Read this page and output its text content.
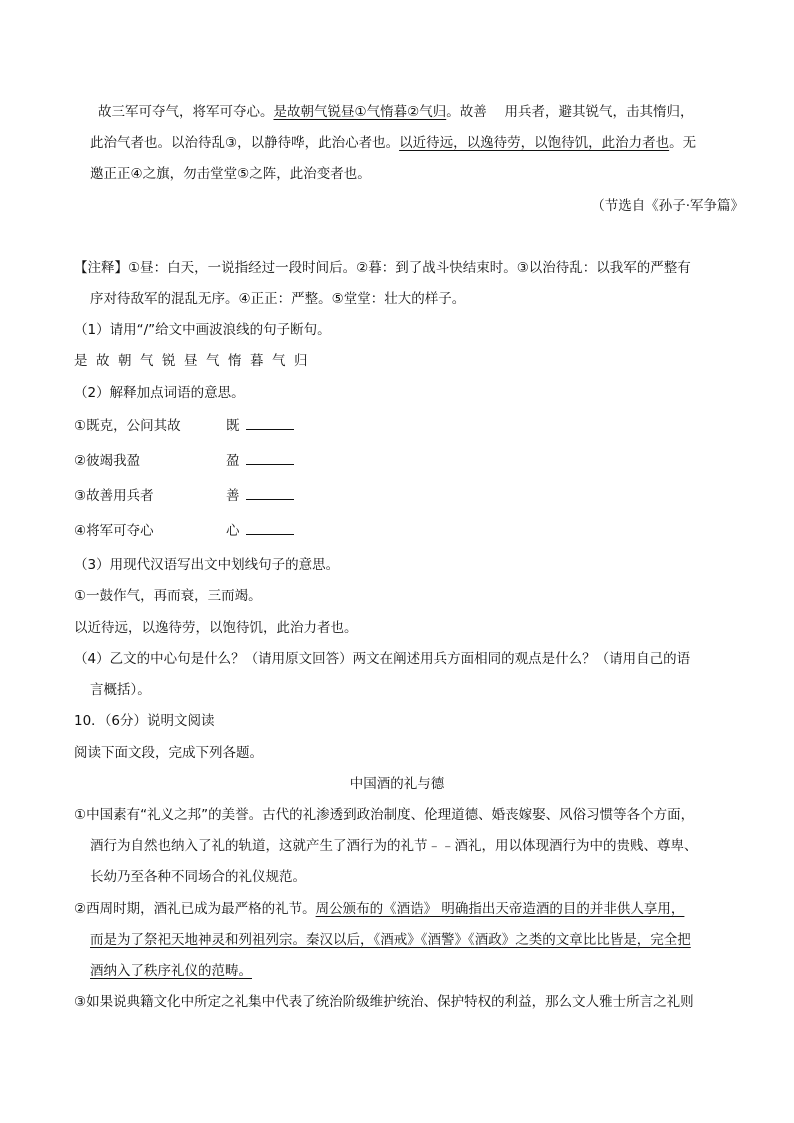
故三军可夺气，将军可夺心。是故朝气锐昼①气惰暮②气归。故善　 用兵者，避其锐气，击其惰归，
此治气者也。以治待乱③，以静待哗，此治心者也。以近待远，以逸待劳，以饱待饥，此治力者也。无
邀正正④之旗，勿击堂堂⑤之阵，此治变者也。
（节选自《孙子·军争篇》
【注释】①昼：白天，一说指经过一段时间后。②暮：到了战斗快结束时。③以治待乱：以我军的严整有
序对待敌军的混乱无序。④正正：严整。⑤堂堂：壮大的样子。
（1）请用“/”给文中画波浪线的句子断句。
是故朝气锐昼气惰暮气归
（2）解释加点词语的意思。
①既克，公问其故	既
②彼竭我盈	盈
③故善用兵者	善
④将军可夺心	心
（3）用现代汉语写出文中划线句子的意思。
①一鼓作气，再而衰，三而竭。
以近待远，以逸待劳，以饱待饥，此治力者也。
（4）乙文的中心句是什么？（请用原文回答）两文在阐述用兵方面相同的观点是什么？（请用自己的语
言概括）。
10．（6分）说明文阅读
阅读下面文段，完成下列各题。
中国酒的礼与德
①中国素有“礼义之邦”的美誉。古代的礼渗透到政治制度、伦理道德、婚丧嫁娶、风俗习惯等各个方面，
酒行为自然也纳入了礼的轨道，这就产生了酒行为的礼节﹣﹣酒礼，用以体现酒行为中的贵贱、尊卑、
长幼乃至各种不同场合的礼仪规范。
②西周时期，酒礼已成为最严格的礼节。周公颁布的《酒诰》 明确指出天帝造酒的目的并非供人享用，
而是为了祭祀天地神灵和列祖列宗。秦汉以后，《酒戒》《酒警》《酒政》之类的文章比比皆是，完全把
酒纳入了秩序礼仪的范畴。
③如果说典籍文化中所定之礼集中代表了统治阶级维护统治、保护特权的利益，那么文人雅士所言之礼则
